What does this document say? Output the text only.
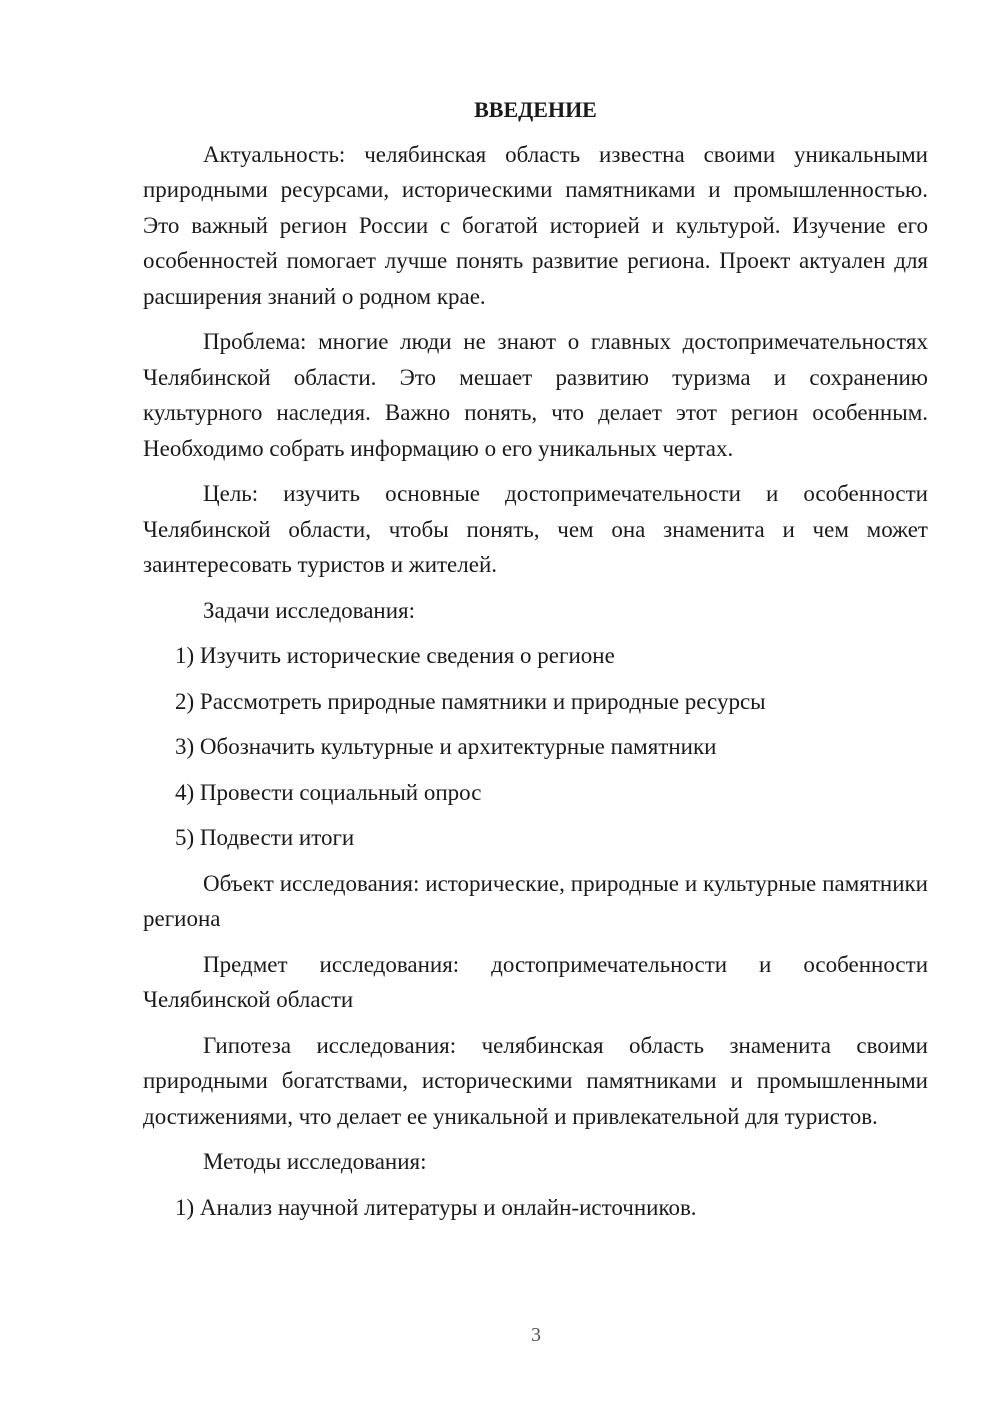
ВВЕДЕНИЕ

Актуальность: челябинская область известна своими уникальными природными ресурсами, историческими памятниками и промышленностью. Это важный регион России с богатой историей и культурой. Изучение его особенностей помогает лучше понять развитие региона. Проект актуален для расширения знаний о родном крае.

Проблема: многие люди не знают о главных достопримечательностях Челябинской области. Это мешает развитию туризма и сохранению культурного наследия. Важно понять, что делает этот регион особенным. Необходимо собрать информацию о его уникальных чертах.

Цель: изучить основные достопримечательности и особенности Челябинской области, чтобы понять, чем она знаменита и чем может заинтересовать туристов и жителей.

Задачи исследования:

1) Изучить исторические сведения о регионе

2) Рассмотреть природные памятники и природные ресурсы

3) Обозначить культурные и архитектурные памятники

4) Провести социальный опрос

5) Подвести итоги

Объект исследования: исторические, природные и культурные памятники региона

Предмет исследования: достопримечательности и особенности Челябинской области

Гипотеза исследования: челябинская область знаменита своими природными богатствами, историческими памятниками и промышленными достижениями, что делает ее уникальной и привлекательной для туристов.

Методы исследования:

1) Анализ научной литературы и онлайн-источников.

3
